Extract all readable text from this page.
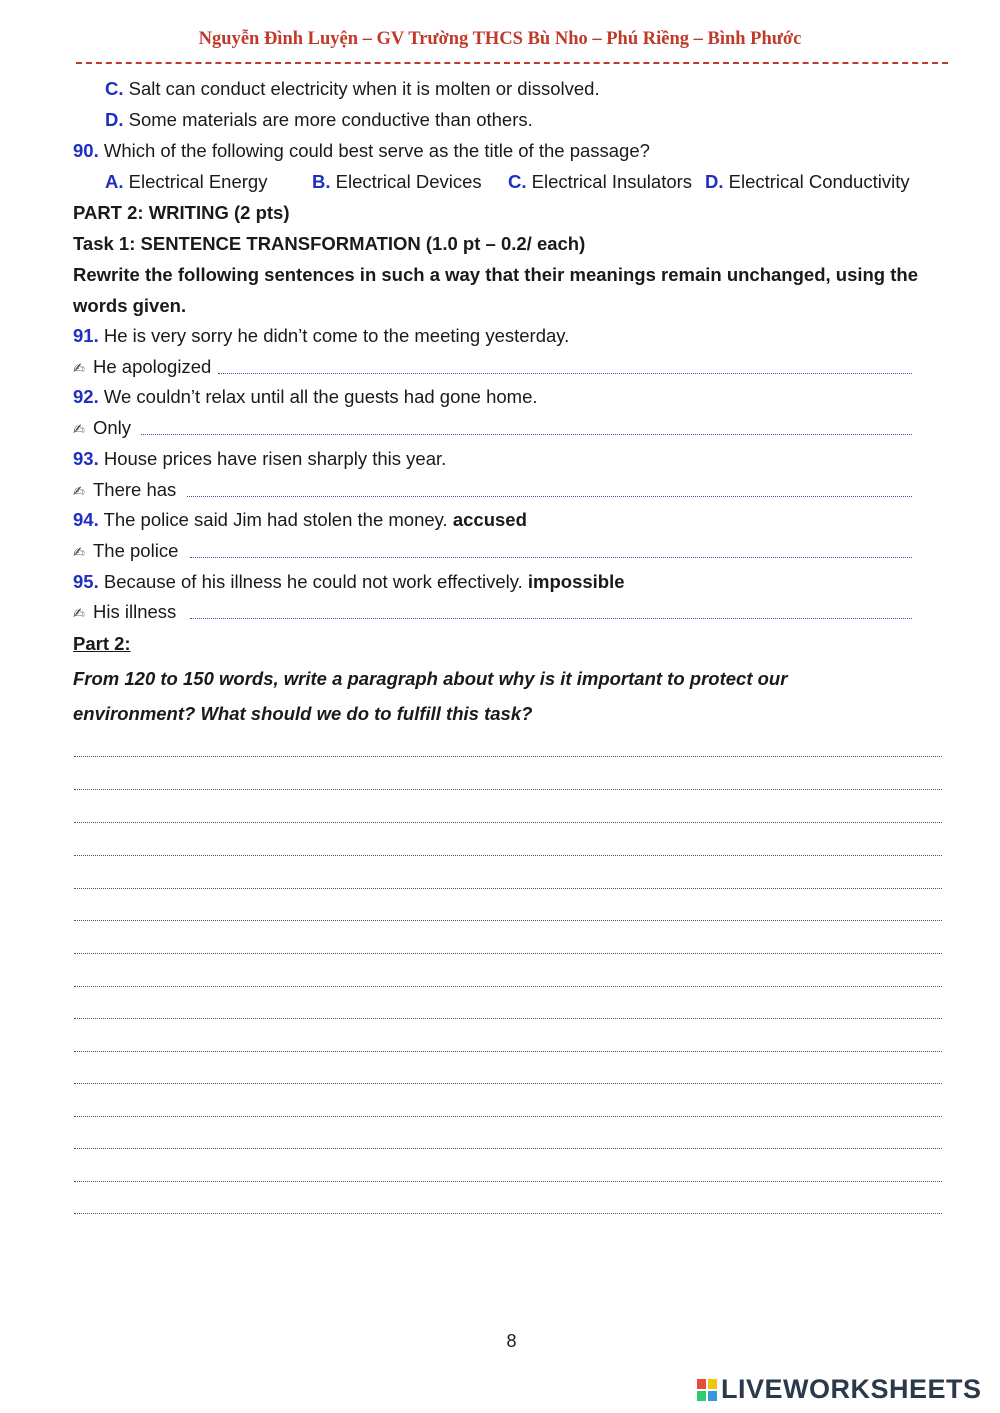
Nguyễn Đình Luyện – GV Trường THCS Bù Nho – Phú Riềng – Bình Phước
C. Salt can conduct electricity when it is molten or dissolved.
D. Some materials are more conductive than others.
90. Which of the following could best serve as the title of the passage?
A. Electrical Energy B. Electrical Devices C. Electrical Insulators D. Electrical Conductivity
PART 2: WRITING (2 pts)
Task 1: SENTENCE TRANSFORMATION (1.0 pt – 0.2/ each)
Rewrite the following sentences in such a way that their meanings remain unchanged, using the
words given.
91. He is very sorry he didn’t come to the meeting yesterday.
✍ He apologized
92. We couldn’t relax until all the guests had gone home.
✍ Only
93. House prices have risen sharply this year.
✍ There has
94. The police said Jim had stolen the money. accused
✍ The police
95. Because of his illness he could not work effectively. impossible
✍ His illness
Part 2:
From 120 to 150 words, write a paragraph about why is it important to protect our
environment? What should we do to fulfill this task?
8
LIVEWORKSHEETS
